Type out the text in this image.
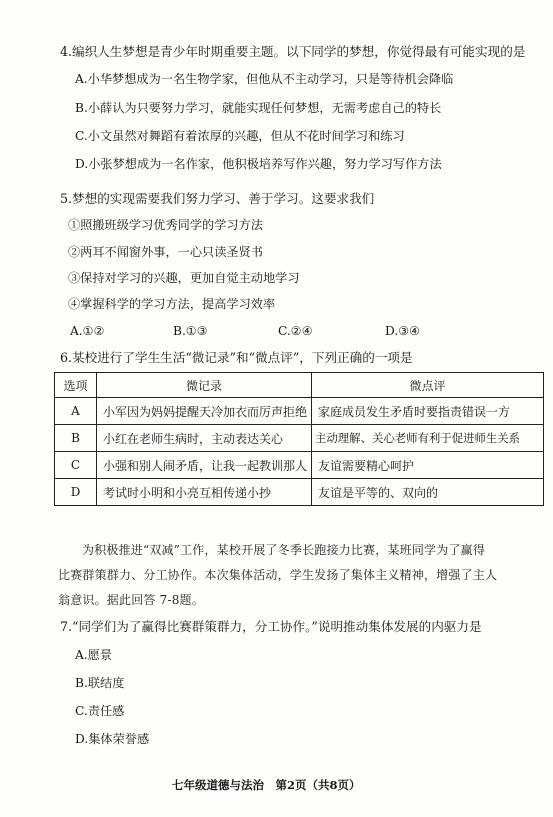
4.编织人生梦想是青少年时期重要主题。以下同学的梦想，你觉得最有可能实现的是
A.小华梦想成为一名生物学家，但他从不主动学习，只是等待机会降临
B.小薛认为只要努力学习，就能实现任何梦想，无需考虑自己的特长
C.小文虽然对舞蹈有着浓厚的兴趣，但从不花时间学习和练习
D.小张梦想成为一名作家，他积极培养写作兴趣，努力学习写作方法
5.梦想的实现需要我们努力学习、善于学习。这要求我们
①照搬班级学习优秀同学的学习方法
②两耳不闻窗外事，一心只读圣贤书
③保持对学习的兴趣，更加自觉主动地学习
④掌握科学的学习方法，提高学习效率
A.①②	B.①③	C.②④	D.③④
6.某校进行了学生生活“微记录”和“微点评”，下列正确的一项是
选项	微记录	微点评
A	小军因为妈妈提醒天冷加衣而厉声拒绝	家庭成员发生矛盾时要指责错误一方
B	小红在老师生病时，主动表达关心	主动理解、关心老师有利于促进师生关系
C	小强和别人闹矛盾，让我一起教训那人	友谊需要精心呵护
D	考试时小明和小亮互相传递小抄	友谊是平等的、双向的
为积极推进“双减”工作，某校开展了冬季长跑接力比赛，某班同学为了赢得
比赛群策群力、分工协作。本次集体活动，学生发扬了集体主义精神，增强了主人
翁意识。据此回答 7-8题。
7.“同学们为了赢得比赛群策群力，分工协作。”说明推动集体发展的内驱力是
A.愿景
B.联结度
C.责任感
D.集体荣誉感
七年级道德与法治　第2页（共8页）
